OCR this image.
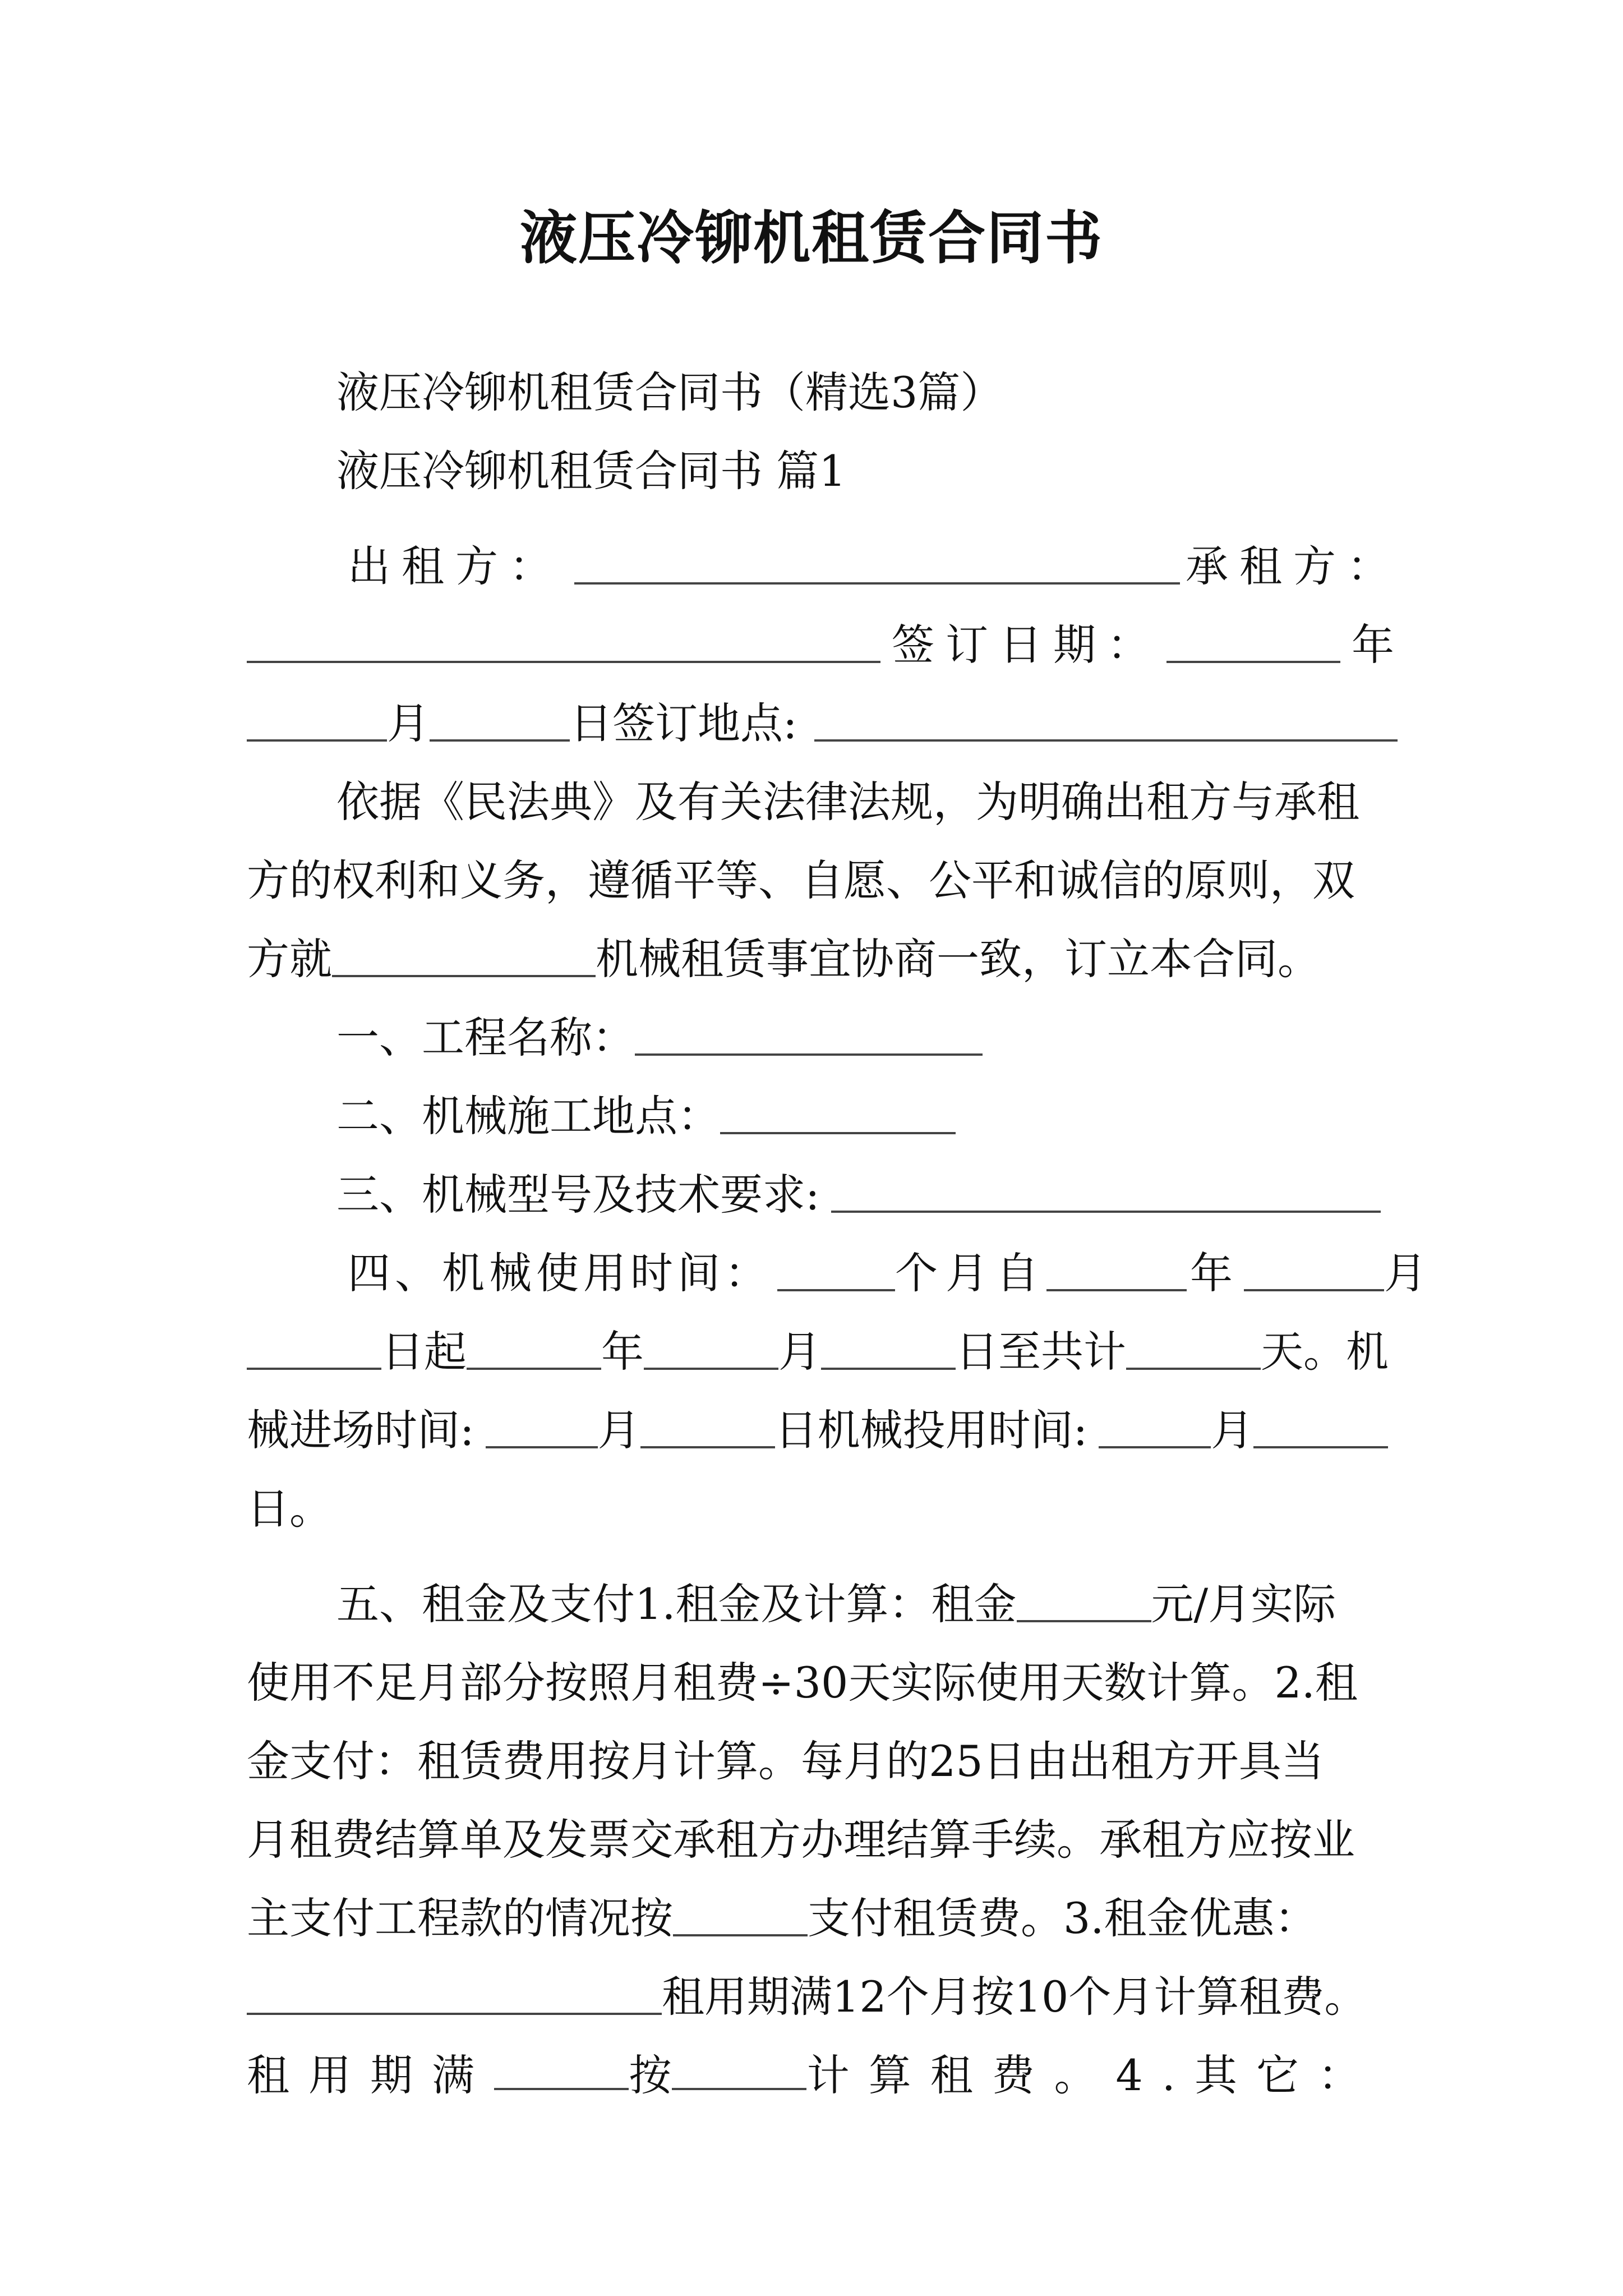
液压冷铆机租赁合同书
液压冷铆机租赁合同书（精选3篇）
液压冷铆机租赁合同书 篇1
出租方：	承租方：
签订日期：	年
月	日签订地点:
依据《民法典》及有关法律法规，为明确出租方与承租
方的权利和义务，遵循平等、自愿、公平和诚信的原则，双
方就	机械租赁事宜协商一致，订立本合同。
一、工程名称：
二、机械施工地点：
三、机械型号及技术要求:
四、机械使用时间：	个月自	年	月
日起	年	月	日至共计	天。机
械进场时间:	月	日机械投用时间:	月
日。
五、租金及支付1.租金及计算：租金	元/月实际
使用不足月部分按照月租费÷30天实际使用天数计算。2.租
金支付：租赁费用按月计算。每月的25日由出租方开具当
月租费结算单及发票交承租方办理结算手续。承租方应按业
主支付工程款的情况按	支付租赁费。3.租金优惠：
租用期满12个月按10个月计算租费。
租用期满	按	计算租费 。4.其它：
